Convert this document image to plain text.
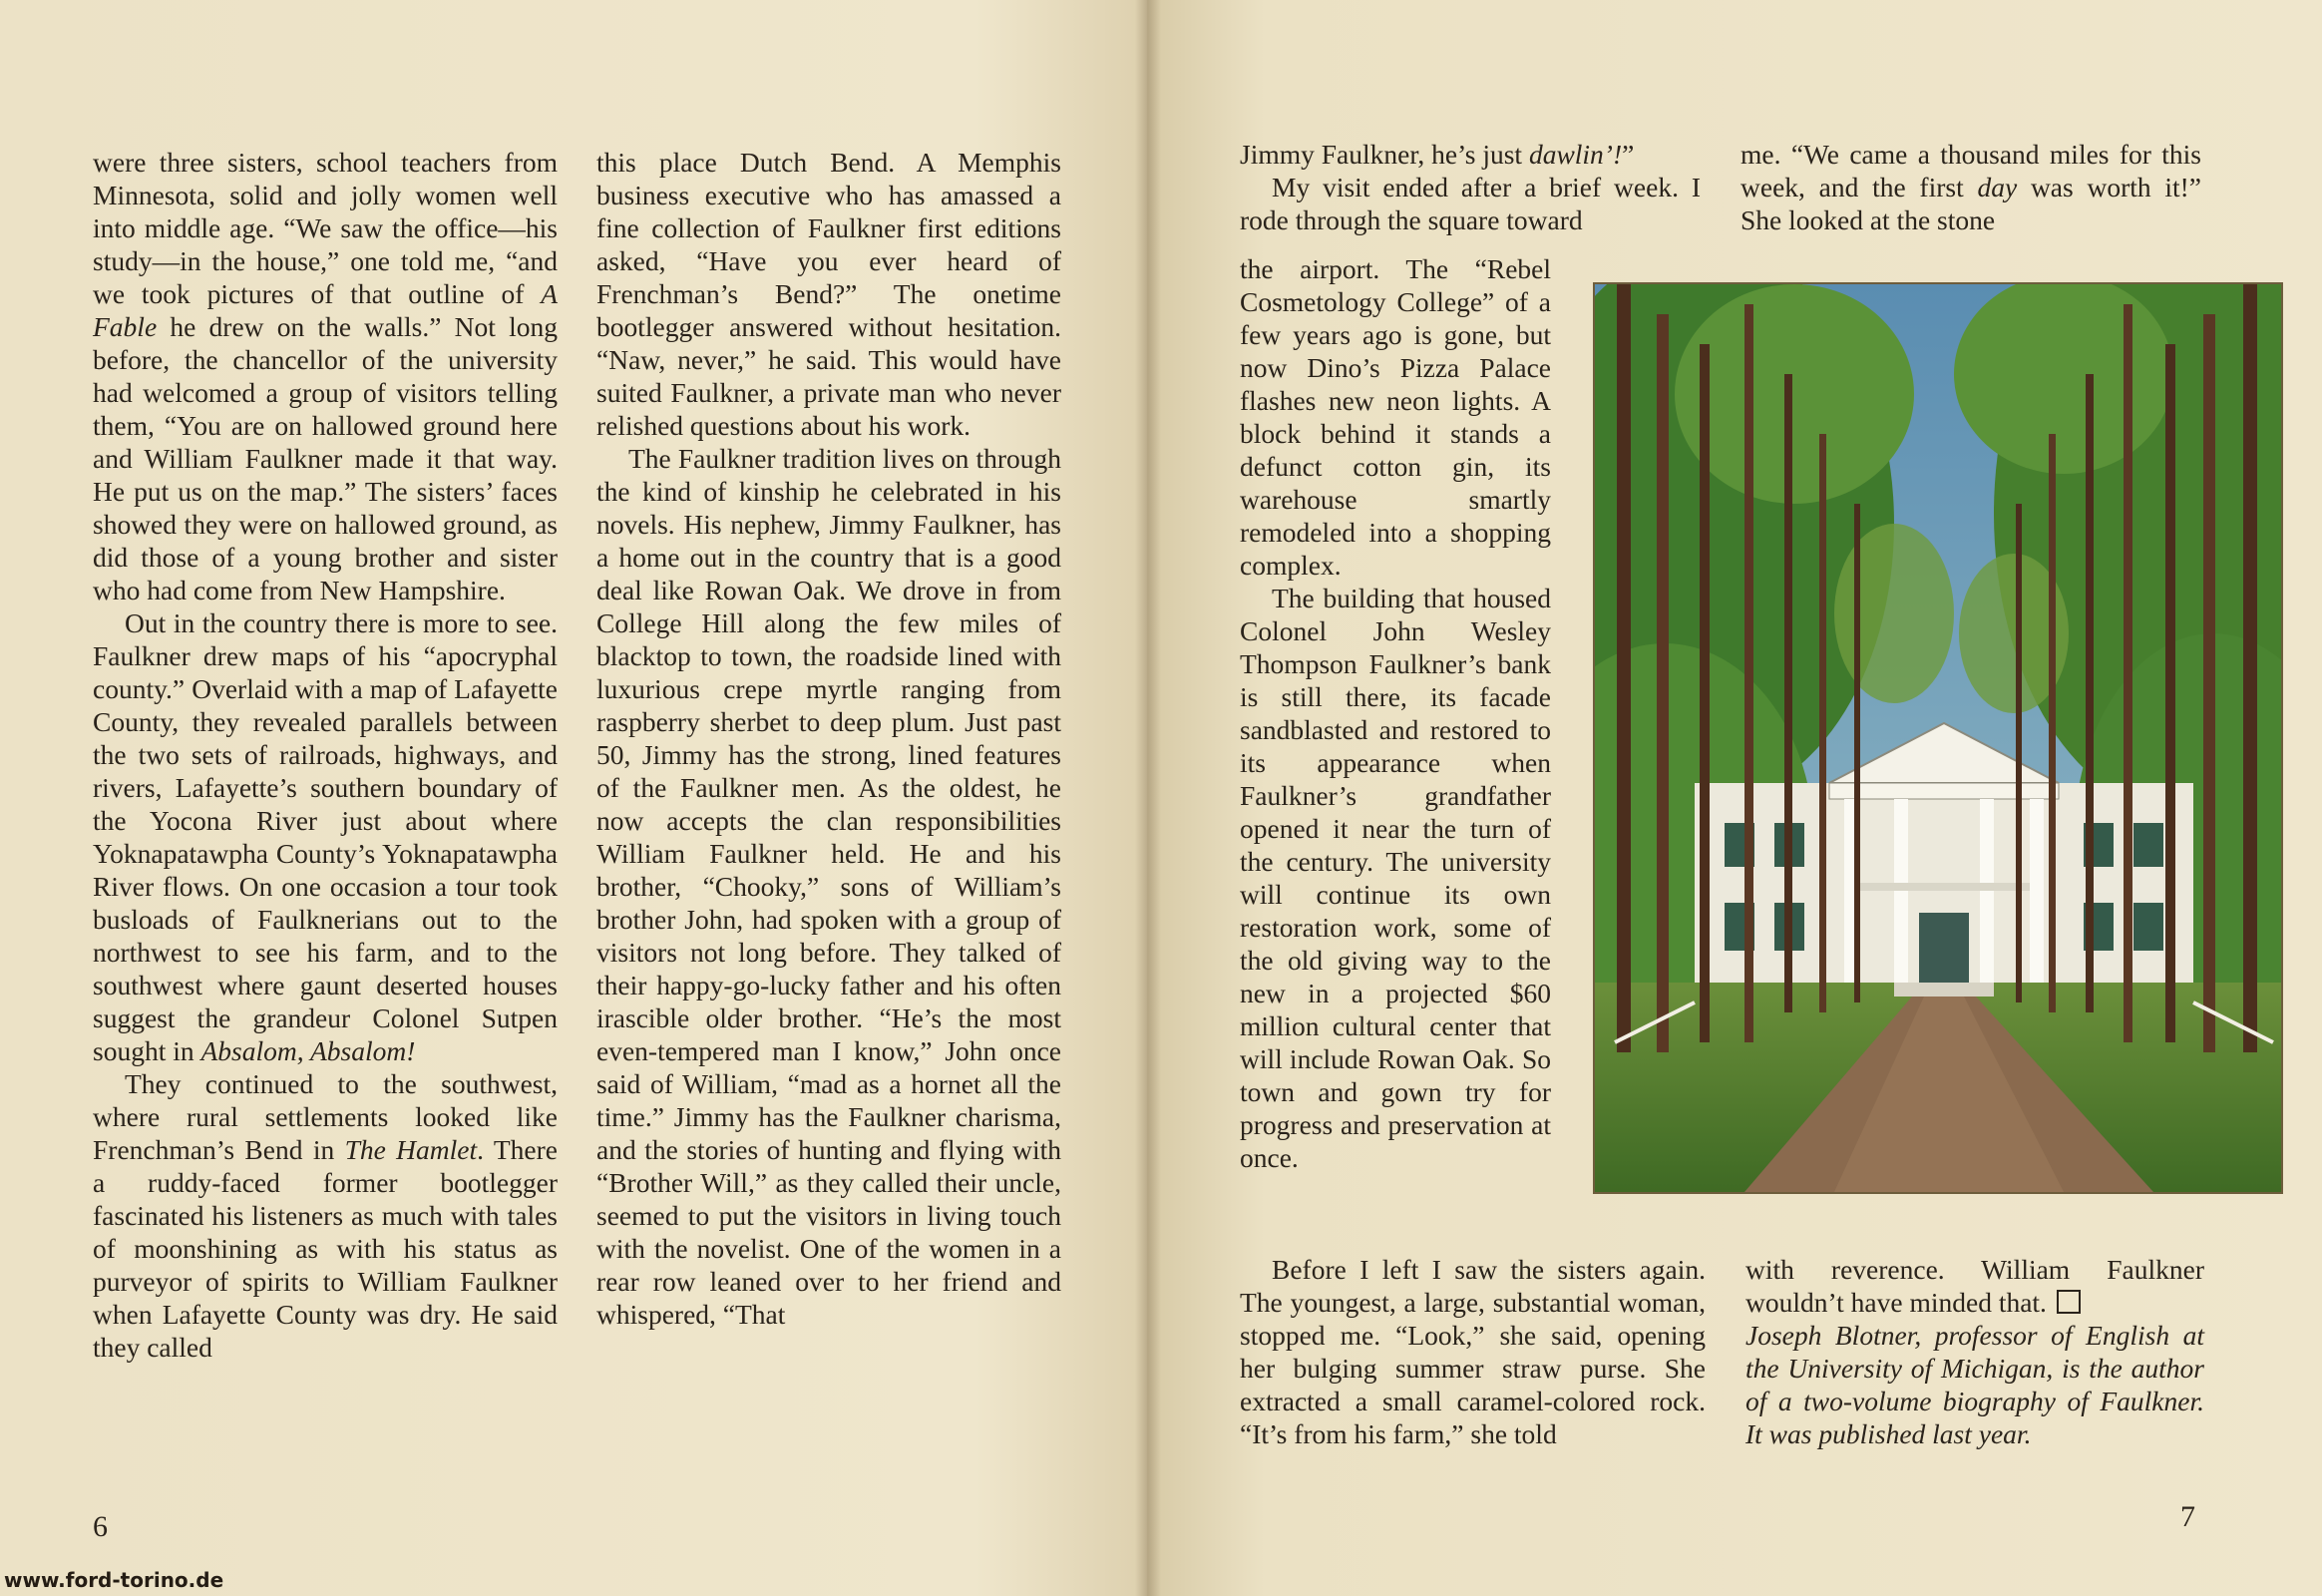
were three sisters, school teachers from Minnesota, solid and jolly women well into middle age. “We saw the office—his study—in the house,” one told me, “and we took pictures of that outline of A Fable he drew on the walls.” Not long before, the chancellor of the university had welcomed a group of visitors telling them, “You are on hallowed ground here and William Faulkner made it that way. He put us on the map.” The sisters’ faces showed they were on hallowed ground, as did those of a young brother and sister who had come from New Hampshire.

Out in the country there is more to see. Faulkner drew maps of his “apocryphal county.” Overlaid with a map of Lafayette County, they revealed parallels between the two sets of railroads, highways, and rivers, Lafayette’s southern boundary of the Yocona River just about where Yoknapatawpha County’s Yoknapatawpha River flows. On one occasion a tour took busloads of Faulknerians out to the northwest to see his farm, and to the southwest where gaunt deserted houses suggest the grandeur Colonel Sutpen sought in Absalom, Absalom!

They continued to the southwest, where rural settlements looked like Frenchman’s Bend in The Hamlet. There a ruddy-faced former bootlegger fascinated his listeners as much with tales of moonshining as with his status as purveyor of spirits to William Faulkner when Lafayette County was dry. He said they called

this place Dutch Bend. A Memphis business executive who has amassed a fine collection of Faulkner first editions asked, “Have you ever heard of Frenchman’s Bend?” The onetime bootlegger answered without hesitation. “Naw, never,” he said. This would have suited Faulkner, a private man who never relished questions about his work.

The Faulkner tradition lives on through the kind of kinship he celebrated in his novels. His nephew, Jimmy Faulkner, has a home out in the country that is a good deal like Rowan Oak. We drove in from College Hill along the few miles of blacktop to town, the roadside lined with luxurious crepe myrtle ranging from raspberry sherbet to deep plum. Just past 50, Jimmy has the strong, lined features of the Faulkner men. As the oldest, he now accepts the clan responsibilities William Faulkner held. He and his brother, “Chooky,” sons of William’s brother John, had spoken with a group of visitors not long before. They talked of their happy-go-lucky father and his often irascible older brother. “He’s the most even-tempered man I know,” John once said of William, “mad as a hornet all the time.” Jimmy has the Faulkner charisma, and the stories of hunting and flying with “Brother Will,” as they called their uncle, seemed to put the visitors in living touch with the novelist. One of the women in a rear row leaned over to her friend and whispered, “That

6

Jimmy Faulkner, he’s just dawlin’!”

My visit ended after a brief week. I rode through the square toward

the airport. The “Rebel Cosmetology College” of a few years ago is gone, but now Dino’s Pizza Palace flashes new neon lights. A block behind it stands a defunct cotton gin, its warehouse smartly remodeled into a shopping complex.

The building that housed Colonel John Wesley Thompson Faulkner’s bank is still there, its facade sandblasted and restored to its appearance when Faulkner’s grandfather opened it near the turn of the century. The university will continue its own restoration work, some of the old giving way to the new in a projected $60 million cultural center that will include Rowan Oak. So town and gown try for progress and preservation at once.

Before I left I saw the sisters again. The youngest, a large, substantial woman, stopped me. “Look,” she said, opening her bulging summer straw purse. She extracted a small caramel-colored rock. “It’s from his farm,” she told

me. “We came a thousand miles for this week, and the first day was worth it!” She looked at the stone

with reverence. William Faulkner wouldn’t have minded that.

Joseph Blotner, professor of English at the University of Michigan, is the author of a two-volume biography of Faulkner. It was published last year.

7
www.ford-torino.de
